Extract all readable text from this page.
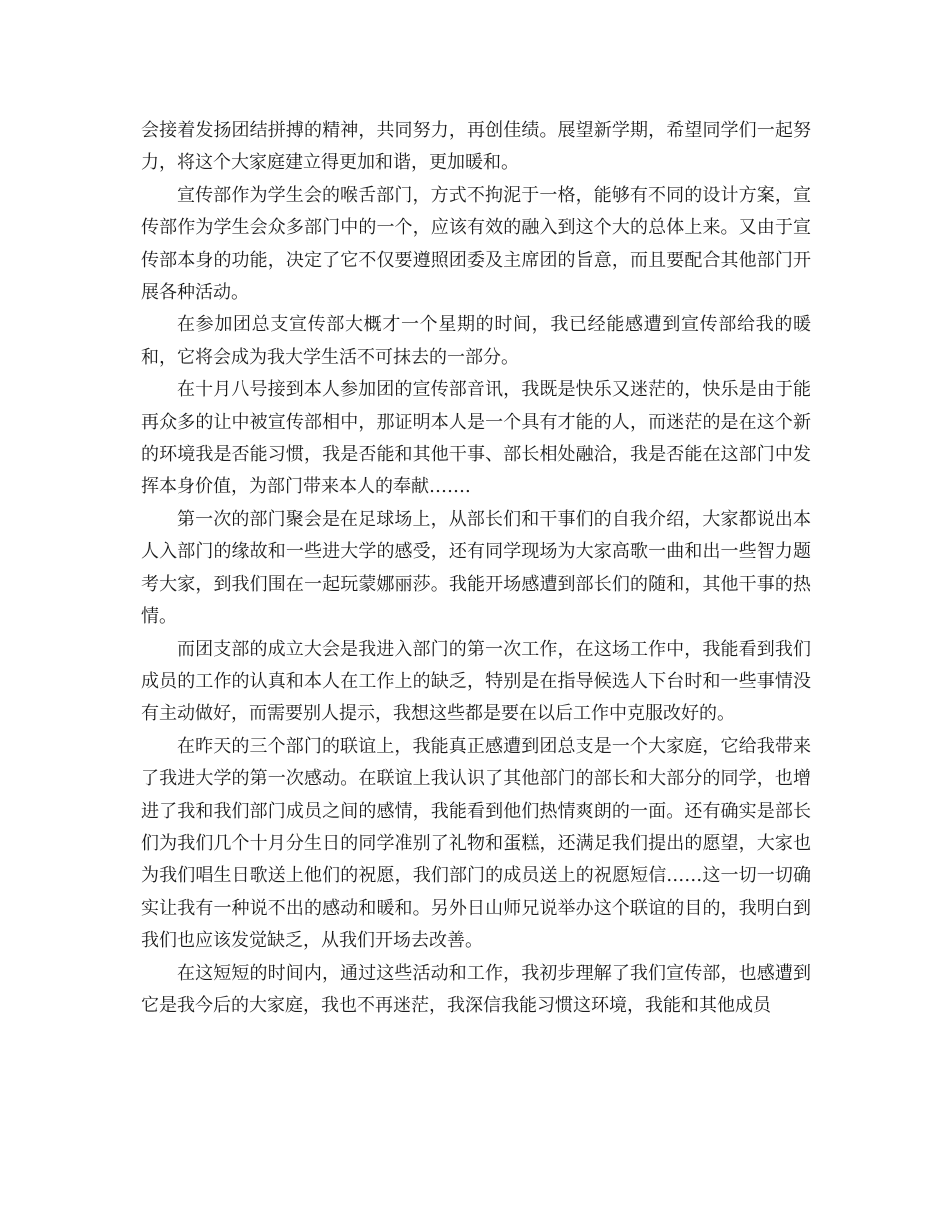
会接着发扬团结拼搏的精神，共同努力，再创佳绩。展望新学期，希望同学们一起努力，将这个大家庭建立得更加和谐，更加暖和。

宣传部作为学生会的喉舌部门，方式不拘泥于一格，能够有不同的设计方案，宣传部作为学生会众多部门中的一个，应该有效的融入到这个大的总体上来。又由于宣传部本身的功能，决定了它不仅要遵照团委及主席团的旨意，而且要配合其他部门开展各种活动。

在参加团总支宣传部大概才一个星期的时间，我已经能感遭到宣传部给我的暖和，它将会成为我大学生活不可抹去的一部分。

在十月八号接到本人参加团的宣传部音讯，我既是快乐又迷茫的，快乐是由于能再众多的让中被宣传部相中，那证明本人是一个具有才能的人，而迷茫的是在这个新的环境我是否能习惯，我是否能和其他干事、部长相处融洽，我是否能在这部门中发挥本身价值，为部门带来本人的奉献…….

第一次的部门聚会是在足球场上，从部长们和干事们的自我介绍，大家都说出本人入部门的缘故和一些进大学的感受，还有同学现场为大家高歌一曲和出一些智力题考大家，到我们围在一起玩蒙娜丽莎。我能开场感遭到部长们的随和，其他干事的热情。

而团支部的成立大会是我进入部门的第一次工作，在这场工作中，我能看到我们成员的工作的认真和本人在工作上的缺乏，特别是在指导候选人下台时和一些事情没有主动做好，而需要别人提示，我想这些都是要在以后工作中克服改好的。

在昨天的三个部门的联谊上，我能真正感遭到团总支是一个大家庭，它给我带来了我进大学的第一次感动。在联谊上我认识了其他部门的部长和大部分的同学，也增进了我和我们部门成员之间的感情，我能看到他们热情爽朗的一面。还有确实是部长们为我们几个十月分生日的同学准别了礼物和蛋糕，还满足我们提出的愿望，大家也为我们唱生日歌送上他们的祝愿，我们部门的成员送上的祝愿短信……这一切一切确实让我有一种说不出的感动和暖和。另外日山师兄说举办这个联谊的目的，我明白到我们也应该发觉缺乏，从我们开场去改善。

在这短短的时间内，通过这些活动和工作，我初步理解了我们宣传部，也感遭到它是我今后的大家庭，我也不再迷茫，我深信我能习惯这环境，我能和其他成员
